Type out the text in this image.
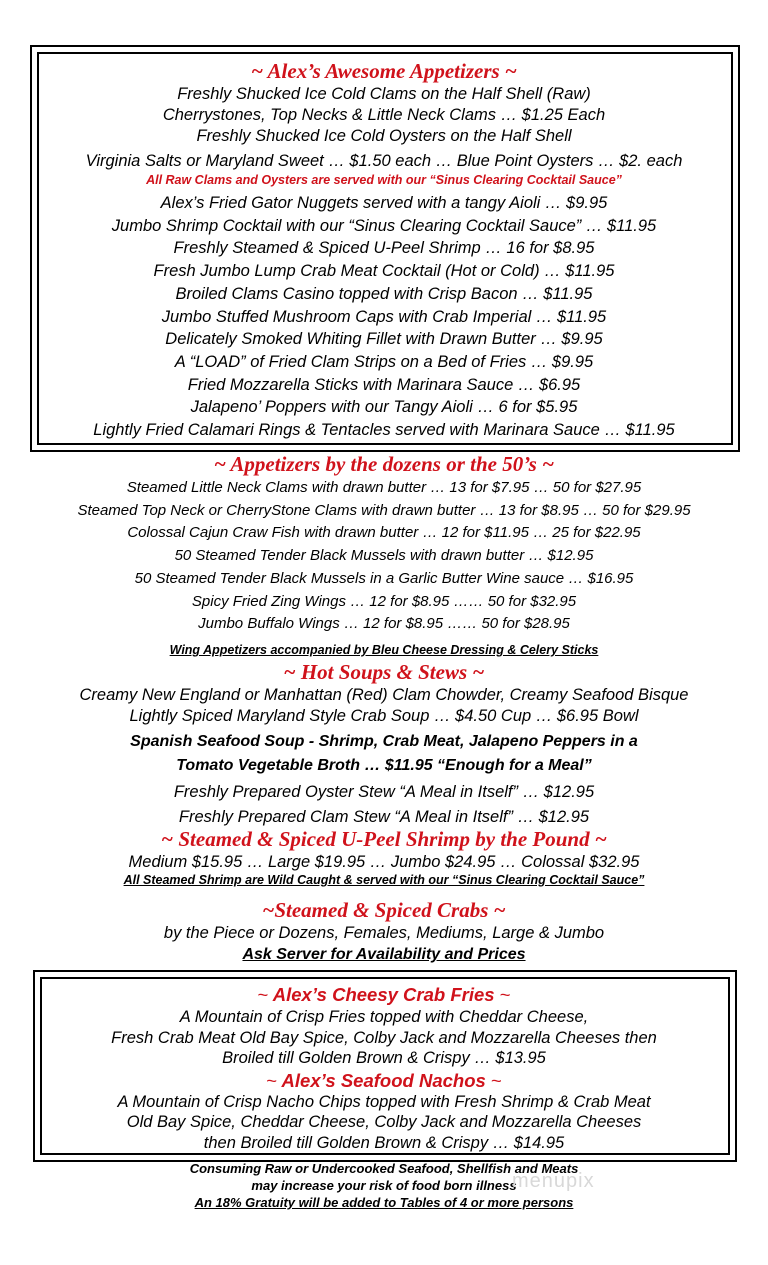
~ Alex’s Awesome Appetizers ~
Freshly Shucked Ice Cold Clams on the Half Shell (Raw)
Cherrystones, Top Necks & Little Neck Clams … $1.25 Each
Freshly Shucked Ice Cold Oysters on the Half Shell
Virginia Salts or Maryland Sweet … $1.50 each … Blue Point Oysters … $2. each
All Raw Clams and Oysters are served with our “Sinus Clearing Cocktail Sauce”
Alex’s Fried Gator Nuggets served with a tangy Aioli … $9.95
Jumbo Shrimp Cocktail with our “Sinus Clearing Cocktail Sauce” … $11.95
Freshly Steamed & Spiced U-Peel Shrimp … 16 for $8.95
Fresh Jumbo Lump Crab Meat Cocktail (Hot or Cold) … $11.95
Broiled Clams Casino topped with Crisp Bacon … $11.95
Jumbo Stuffed Mushroom Caps with Crab Imperial … $11.95
Delicately Smoked Whiting Fillet with Drawn Butter … $9.95
A “LOAD” of Fried Clam Strips on a Bed of Fries … $9.95
Fried Mozzarella Sticks with Marinara Sauce … $6.95
Jalapeno’ Poppers with our Tangy Aioli … 6 for $5.95
Lightly Fried Calamari Rings & Tentacles served with Marinara Sauce … $11.95
~ Appetizers by the dozens or the 50’s ~
Steamed Little Neck Clams with drawn butter … 13 for $7.95 … 50 for $27.95
Steamed Top Neck or CherryStone Clams with drawn butter … 13 for $8.95 … 50 for $29.95
Colossal Cajun Craw Fish with drawn butter … 12 for $11.95 … 25 for $22.95
50 Steamed Tender Black Mussels with drawn butter … $12.95
50 Steamed Tender Black Mussels in a Garlic Butter Wine sauce … $16.95
Spicy Fried Zing Wings … 12 for $8.95 …… 50 for $32.95
Jumbo Buffalo Wings … 12 for $8.95 …… 50 for $28.95
Wing Appetizers accompanied by Bleu Cheese Dressing & Celery Sticks
~ Hot Soups & Stews ~
Creamy New England or Manhattan (Red) Clam Chowder, Creamy Seafood Bisque
Lightly Spiced Maryland Style Crab Soup … $4.50 Cup … $6.95 Bowl
Spanish Seafood Soup - Shrimp, Crab Meat, Jalapeno Peppers in a
Tomato Vegetable Broth … $11.95 “Enough for a Meal”
Freshly Prepared Oyster Stew “A Meal in Itself” … $12.95
Freshly Prepared Clam Stew “A Meal in Itself” … $12.95
~ Steamed & Spiced U-Peel Shrimp by the Pound ~
Medium $15.95 … Large $19.95 … Jumbo $24.95 … Colossal $32.95
All Steamed Shrimp are Wild Caught & served with our “Sinus Clearing Cocktail Sauce”
~Steamed & Spiced Crabs ~
by the Piece or Dozens, Females, Mediums, Large & Jumbo
Ask Server for Availability and Prices
~ Alex’s Cheesy Crab Fries ~
A Mountain of Crisp Fries topped with Cheddar Cheese,
Fresh Crab Meat Old Bay Spice, Colby Jack and Mozzarella Cheeses then
Broiled till Golden Brown & Crispy … $13.95
~ Alex’s Seafood Nachos ~
A Mountain of Crisp Nacho Chips topped with Fresh Shrimp & Crab Meat
Old Bay Spice, Cheddar Cheese, Colby Jack and Mozzarella Cheeses
then Broiled till Golden Brown & Crispy … $14.95
Consuming Raw or Undercooked Seafood, Shellfish and Meats
may increase your risk of food born illness
An 18% Gratuity will be added to Tables of 4 or more persons
menupix
